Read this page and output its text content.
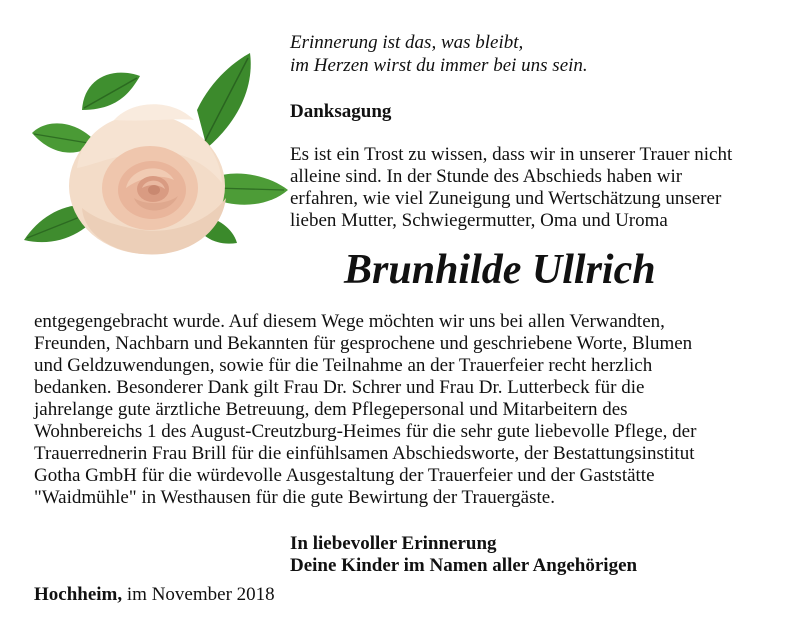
Erinnerung ist das, was bleibt,
im Herzen wirst du immer bei uns sein.
Danksagung
Es ist ein Trost zu wissen, dass wir in unserer Trauer nicht
alleine sind. In der Stunde des Abschieds haben wir
erfahren, wie viel Zuneigung und Wertschätzung unserer
lieben Mutter, Schwiegermutter, Oma und Uroma
Brunhilde Ullrich
entgegengebracht wurde. Auf diesem Wege möchten wir uns bei allen Verwandten,
Freunden, Nachbarn und Bekannten für gesprochene und geschriebene Worte, Blumen
und Geldzuwendungen, sowie für die Teilnahme an der Trauerfeier recht herzlich
bedanken. Besonderer Dank gilt Frau Dr. Schrer und Frau Dr. Lutterbeck für die
jahrelange gute ärztliche Betreuung, dem Pflegepersonal und Mitarbeitern des
Wohnbereichs 1 des August-Creutzburg-Heimes für die sehr gute liebevolle Pflege, der
Trauerrednerin Frau Brill für die einfühlsamen Abschiedsworte, der Bestattungsinstitut
Gotha GmbH für die würdevolle Ausgestaltung der Trauerfeier und der Gaststätte
"Waidmühle" in Westhausen für die gute Bewirtung der Trauergäste.
In liebevoller Erinnerung
Deine Kinder im Namen aller Angehörigen
Hochheim, im November 2018
